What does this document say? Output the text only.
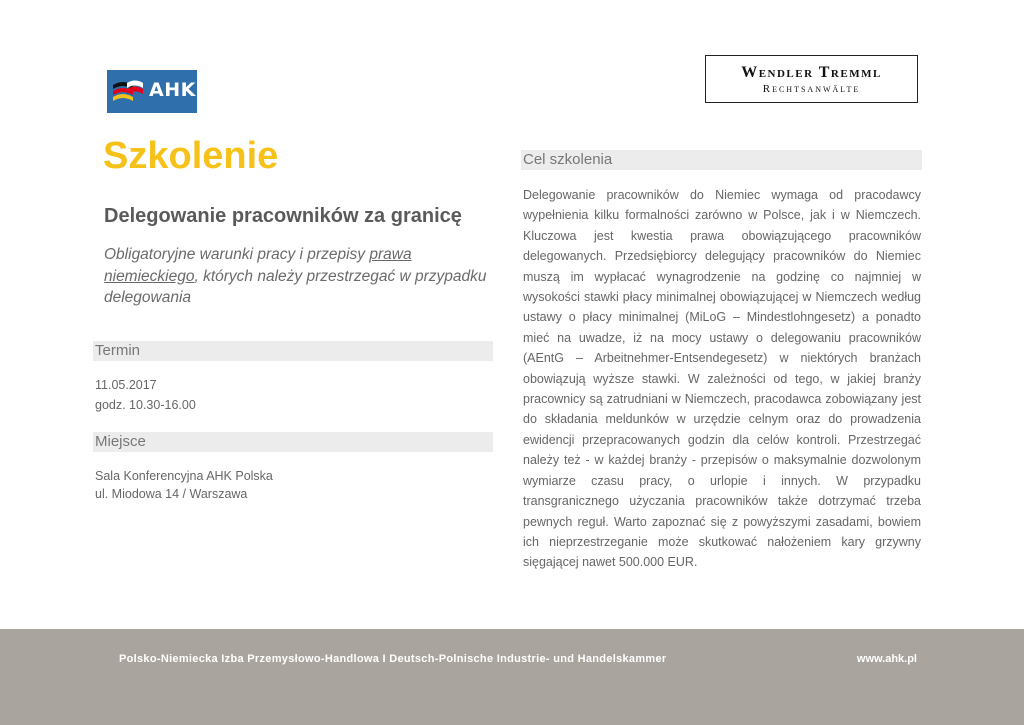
AHK
Wendler Tremml
Rechtsanwälte
Szkolenie
Delegowanie pracowników za granicę
Obligatoryjne warunki pracy i przepisy prawa niemieckiego, których należy przestrzegać w przypadku delegowania
Termin
11.05.2017
godz. 10.30-16.00
Miejsce
Sala Konferencyjna AHK Polska
ul. Miodowa 14 / Warszawa
Cel szkolenia
Delegowanie pracowników do Niemiec wymaga od pracodawcy wypełnienia kilku formalności zarówno w Polsce, jak i w Niemczech. Kluczowa jest kwestia prawa obowiązującego pracowników delegowanych. Przedsiębiorcy delegujący pracowników do Niemiec muszą im wypłacać wynagrodzenie na godzinę co najmniej w wysokości stawki płacy minimalnej obowiązującej w Niemczech według ustawy o płacy minimalnej (MiLoG – Mindestlohngesetz) a ponadto mieć na uwadze, iż na mocy ustawy o delegowaniu pracowników (AEntG – Arbeitnehmer-Entsendegesetz) w niektórych branżach obowiązują wyższe stawki. W zależności od tego, w jakiej branży pracownicy są zatrudniani w Niemczech, pracodawca zobowiązany jest do składania meldunków w urzędzie celnym oraz do prowadzenia ewidencji przepracowanych godzin dla celów kontroli. Przestrzegać należy też - w każdej branży - przepisów o maksymalnie dozwolonym wymiarze czasu pracy, o urlopie i innych. W przypadku transgranicznego użyczania pracowników także dotrzymać trzeba pewnych reguł. Warto zapoznać się z powyższymi zasadami, bowiem ich nieprzestrzeganie może skutkować nałożeniem kary grzywny sięgającej nawet 500.000 EUR.
Polsko-Niemiecka Izba Przemysłowo-Handlowa I Deutsch-Polnische Industrie- und Handelskammer	www.ahk.pl
